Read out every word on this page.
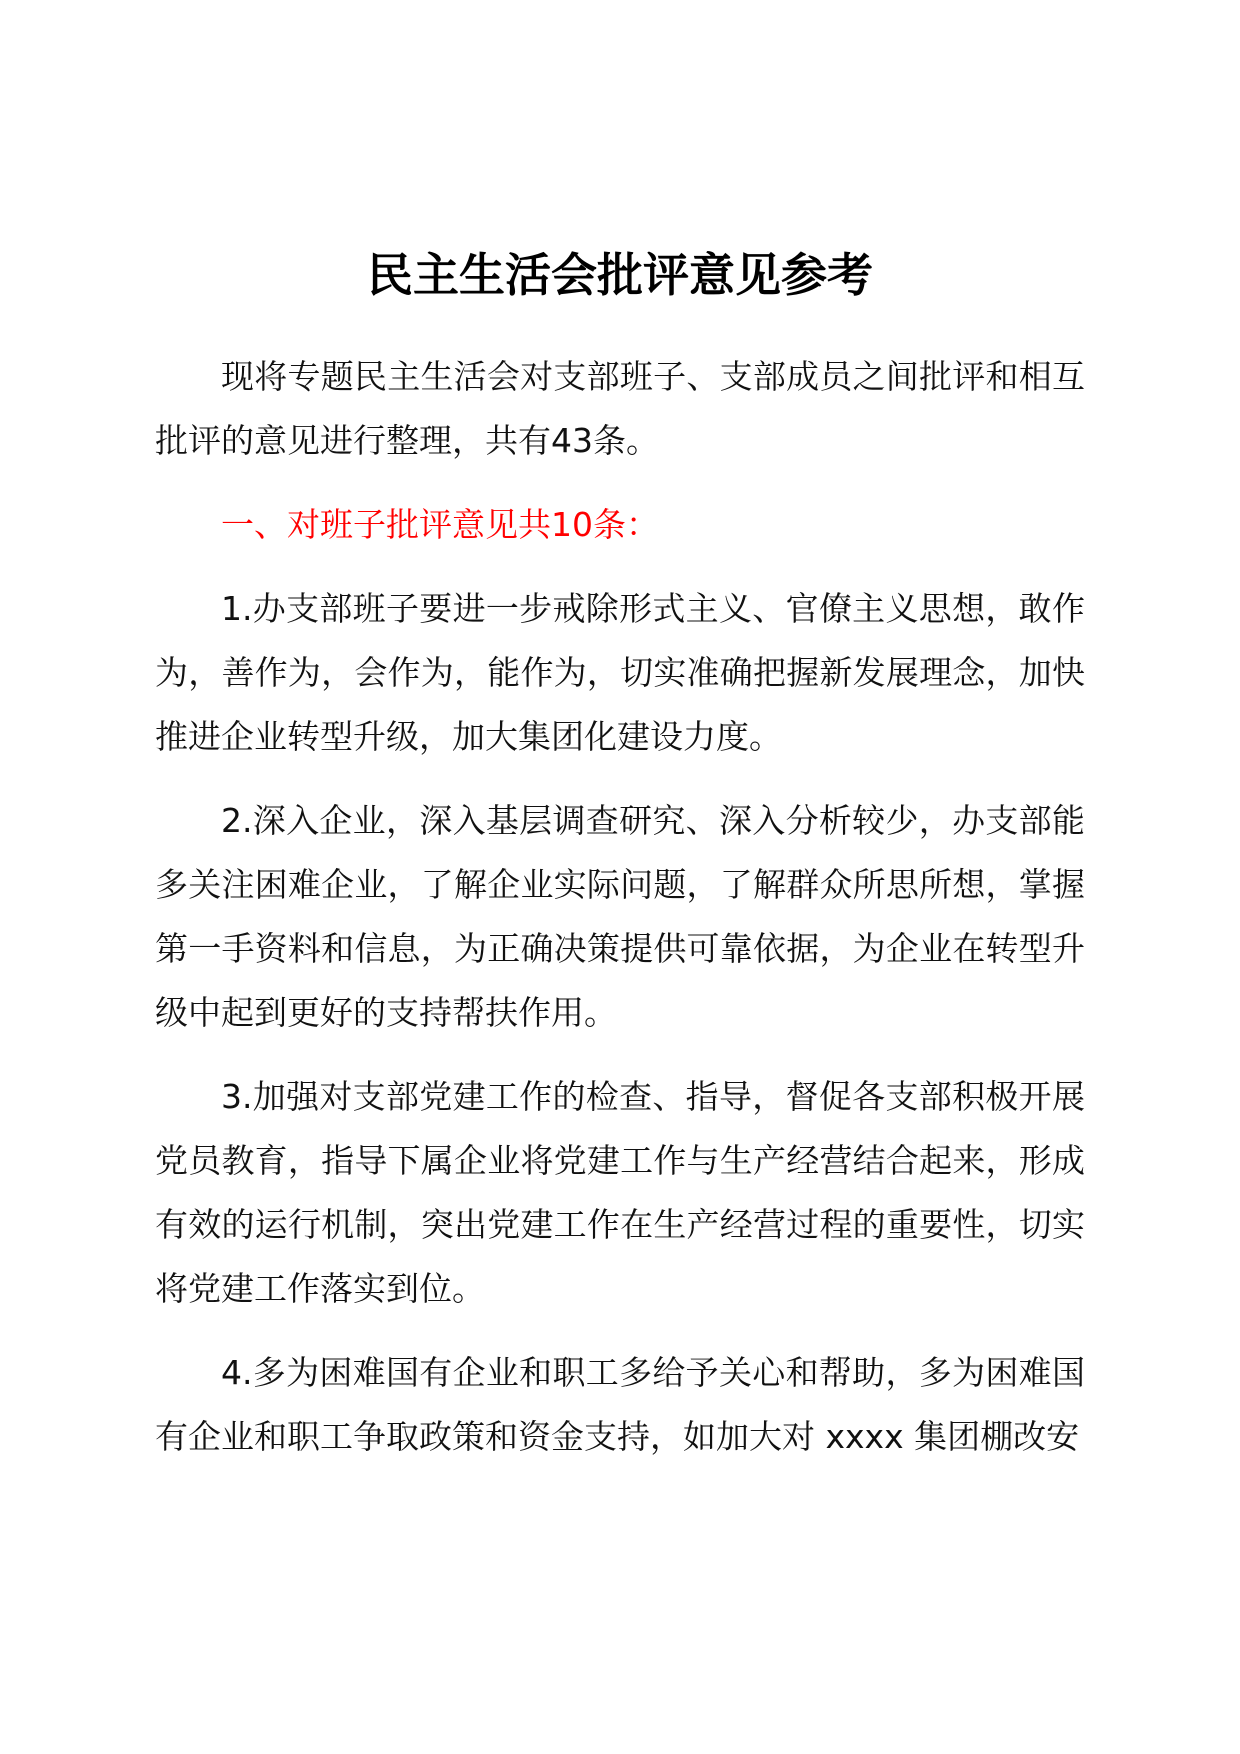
民主生活会批评意见参考

现将专题民主生活会对支部班子、支部成员之间批评和相互批评的意见进行整理，共有43条。

一、对班子批评意见共10条：

1.办支部班子要进一步戒除形式主义、官僚主义思想，敢作为，善作为，会作为，能作为，切实准确把握新发展理念，加快推进企业转型升级，加大集团化建设力度。

2.深入企业，深入基层调查研究、深入分析较少，办支部能多关注困难企业，了解企业实际问题，了解群众所思所想，掌握第一手资料和信息，为正确决策提供可靠依据，为企业在转型升级中起到更好的支持帮扶作用。

3.加强对支部党建工作的检查、指导，督促各支部积极开展党员教育，指导下属企业将党建工作与生产经营结合起来，形成有效的运行机制，突出党建工作在生产经营过程的重要性，切实将党建工作落实到位。

4.多为困难国有企业和职工多给予关心和帮助，多为困难国有企业和职工争取政策和资金支持，如加大对 xxxx 集团棚改安
